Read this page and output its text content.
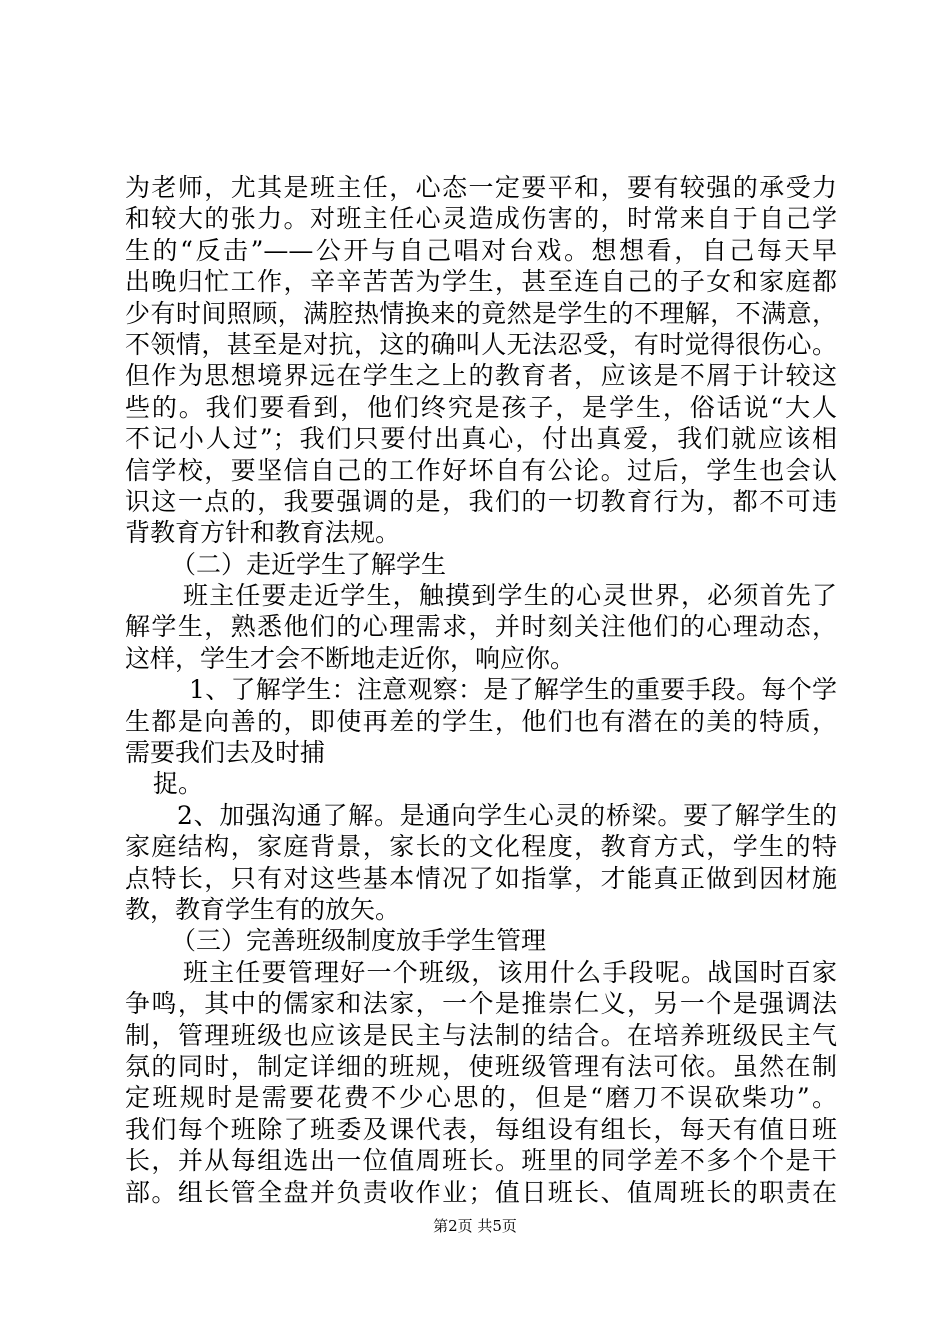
为老师，尤其是班主任，心态一定要平和，要有较强的承受力
和较大的张力。对班主任心灵造成伤害的，时常来自于自己学
生的“反击”——公开与自己唱对台戏。想想看，自己每天早
出晚归忙工作，辛辛苦苦为学生，甚至连自己的子女和家庭都
少有时间照顾，满腔热情换来的竟然是学生的不理解，不满意，
不领情，甚至是对抗，这的确叫人无法忍受，有时觉得很伤心。
但作为思想境界远在学生之上的教育者，应该是不屑于计较这
些的。我们要看到，他们终究是孩子，是学生，俗话说“大人
不记小人过”；我们只要付出真心，付出真爱，我们就应该相
信学校，要坚信自己的工作好坏自有公论。过后，学生也会认
识这一点的，我要强调的是，我们的一切教育行为，都不可违
背教育方针和教育法规。
（二）走近学生了解学生
班主任要走近学生，触摸到学生的心灵世界，必须首先了
解学生，熟悉他们的心理需求，并时刻关注他们的心理动态，
这样，学生才会不断地走近你，响应你。
1、了解学生：注意观察：是了解学生的重要手段。每个学
生都是向善的，即使再差的学生，他们也有潜在的美的特质，
需要我们去及时捕
捉。
2、加强沟通了解。是通向学生心灵的桥梁。要了解学生的
家庭结构，家庭背景，家长的文化程度，教育方式，学生的特
点特长，只有对这些基本情况了如指掌，才能真正做到因材施
教，教育学生有的放矢。
（三）完善班级制度放手学生管理
班主任要管理好一个班级，该用什么手段呢。战国时百家
争鸣，其中的儒家和法家，一个是推崇仁义，另一个是强调法
制，管理班级也应该是民主与法制的结合。在培养班级民主气
氛的同时，制定详细的班规，使班级管理有法可依。虽然在制
定班规时是需要花费不少心思的，但是“磨刀不误砍柴功”。
我们每个班除了班委及课代表，每组设有组长，每天有值日班
长，并从每组选出一位值周班长。班里的同学差不多个个是干
部。组长管全盘并负责收作业；值日班长、值周班长的职责在
第2页 共5页
